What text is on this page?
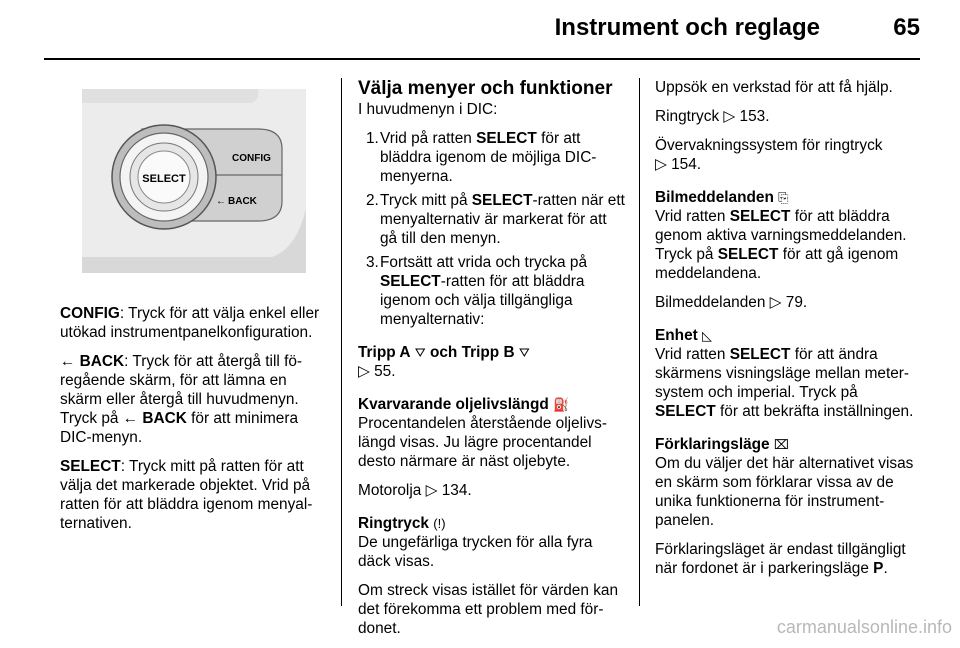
Instrument och reglage	65
SELECT
CONFIG
← BACK

CONFIG: Tryck för att välja enkel eller utökad instrumentpanelkonfiguration.

← BACK: Tryck för att återgå till föregående skärm, för att lämna en skärm eller återgå till huvudmenyn. Tryck på ← BACK för att minimera DIC-menyn.

SELECT: Tryck mitt på ratten för att välja det markerade objektet. Vrid på ratten för att bläddra igenom menyalternativen.

Välja menyer och funktioner

I huvudmenyn i DIC:

1. Vrid på ratten SELECT för att bläddra igenom de möjliga DIC-menyerna.
2. Tryck mitt på SELECT-ratten när ett menyalternativ är markerat för att gå till den menyn.
3. Fortsätt att vrida och trycka på SELECT-ratten för att bläddra igenom och välja tillgängliga menyalternativ:

Tripp A ⛛ och Tripp B ⛛
▷ 55.

Kvarvarande oljelivslängd ⛽
Procentandelen återstående oljelivslängd visas. Ju lägre procentandel desto närmare är näst oljebyte.

Motorolja ▷ 134.

Ringtryck (!)
De ungefärliga trycken för alla fyra däck visas.

Om streck visas istället för värden kan det förekomma ett problem med fördonet.

Uppsök en verkstad för att få hjälp.

Ringtryck ▷ 153.

Övervakningssystem för ringtryck
▷ 154.

Bilmeddelanden ⎘
Vrid ratten SELECT för att bläddra genom aktiva varningsmeddelanden. Tryck på SELECT för att gå igenom meddelandena.

Bilmeddelanden ▷ 79.

Enhet ◺
Vrid ratten SELECT för att ändra skärmens visningsläge mellan meter-system och imperial. Tryck på
SELECT för att bekräfta inställningen.

Förklaringsläge ⌧
Om du väljer det här alternativet visas en skärm som förklarar vissa av de unika funktionerna för instrumentpanelen.

Förklaringsläget är endast tillgängligt när fordonet är i parkeringsläge P.

carmanualsonline.info
